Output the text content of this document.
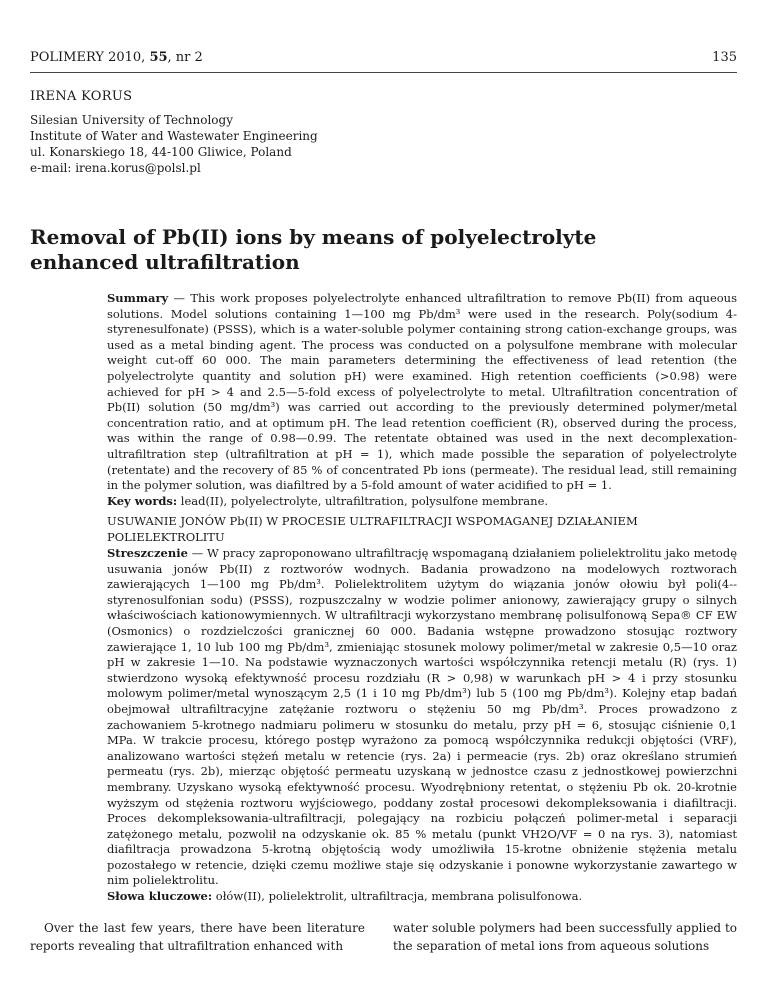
POLIMERY 2010, 55, nr 2	135
IRENA KORUS
Silesian University of Technology
Institute of Water and Wastewater Engineering
ul. Konarskiego 18, 44-100 Gliwice, Poland
e-mail: irena.korus@polsl.pl
Removal of Pb(II) ions by means of polyelectrolyte enhanced ultrafiltration
Summary — This work proposes polyelectrolyte enhanced ultrafiltration to remove Pb(II) from aqueous solutions. Model solutions containing 1—100 mg Pb/dm³ were used in the research. Poly(sodium 4-styrenesulfonate) (PSSS), which is a water-soluble polymer containing strong cation-exchange groups, was used as a metal binding agent. The process was conducted on a polysulfone membrane with molecular weight cut-off 60 000. The main parameters determining the effectiveness of lead retention (the polyelectrolyte quantity and solution pH) were examined. High retention coefficients (>0.98) were achieved for pH > 4 and 2.5—5-fold excess of polyelectrolyte to metal. Ultrafiltration concentration of Pb(II) solution (50 mg/dm³) was carried out according to the previously determined polymer/metal concentration ratio, and at optimum pH. The lead retention coefficient (R), observed during the process, was within the range of 0.98—0.99. The retentate obtained was used in the next decomplexation-ultrafiltration step (ultrafiltration at pH = 1), which made possible the separation of polyelectrolyte (retentate) and the recovery of 85 % of concentrated Pb ions (permeate). The residual lead, still remaining in the polymer solution, was diafiltred by a 5-fold amount of water acidified to pH = 1.
Key words: lead(II), polyelectrolyte, ultrafiltration, polysulfone membrane.
USUWANIE JONÓW Pb(II) W PROCESIE ULTRAFILTRACJI WSPOMAGANEJ DZIAŁANIEM POLIELEKTROLITU
Streszczenie — W pracy zaproponowano ultrafiltrację wspomaganą działaniem polielektrolitu jako metodę usuwania jonów Pb(II) z roztworów wodnych. Badania prowadzono na modelowych roztworach zawierających 1—100 mg Pb/dm³. Polielektrolitem użytym do wiązania jonów ołowiu był poli(4--styrenosulfonian sodu) (PSSS), rozpuszczalny w wodzie polimer anionowy, zawierający grupy o silnych właściwościach kationowymiennych. W ultrafiltracji wykorzystano membranę polisulfonową Sepa® CF EW (Osmonics) o rozdzielczości granicznej 60 000. Badania wstępne prowadzono stosując roztwory zawierające 1, 10 lub 100 mg Pb/dm³, zmieniając stosunek molowy polimer/metal w zakresie 0,5—10 oraz pH w zakresie 1—10. Na podstawie wyznaczonych wartości współczynnika retencji metalu (R) (rys. 1) stwierdzono wysoką efektywność procesu rozdziału (R > 0,98) w warunkach pH > 4 i przy stosunku molowym polimer/metal wynoszącym 2,5 (1 i 10 mg Pb/dm³) lub 5 (100 mg Pb/dm³). Kolejny etap badań obejmował ultrafiltracyjne zatężanie roztworu o stężeniu 50 mg Pb/dm³. Proces prowadzono z zachowaniem 5-krotnego nadmiaru polimeru w stosunku do metalu, przy pH = 6, stosując ciśnienie 0,1 MPa. W trakcie procesu, którego postęp wyrażono za pomocą współczynnika redukcji objętości (VRF), analizowano wartości stężeń metalu w retencie (rys. 2a) i permeacie (rys. 2b) oraz określano strumień permeatu (rys. 2b), mierząc objętość permeatu uzyskaną w jednostce czasu z jednostkowej powierzchni membrany. Uzyskano wysoką efektywność procesu. Wyodrębniony retentat, o stężeniu Pb ok. 20-krotnie wyższym od stężenia roztworu wyjściowego, poddany został procesowi dekompleksowania i diafiltracji. Proces dekompleksowania-ultrafiltracji, polegający na rozbiciu połączeń polimer-metal i separacji zatężonego metalu, pozwolił na odzyskanie ok. 85 % metalu (punkt VH2O/VF = 0 na rys. 3), natomiast diafiltracja prowadzona 5-krotną objętością wody umożliwiła 15-krotne obniżenie stężenia metalu pozostałego w retencie, dzięki czemu możliwe staje się odzyskanie i ponowne wykorzystanie zawartego w nim polielektrolitu.
Słowa kluczowe: ołów(II), polielektrolit, ultrafiltracja, membrana polisulfonowa.
Over the last few years, there have been literature reports revealing that ultrafiltration enhanced with
water soluble polymers had been successfully applied to the separation of metal ions from aqueous solutions
